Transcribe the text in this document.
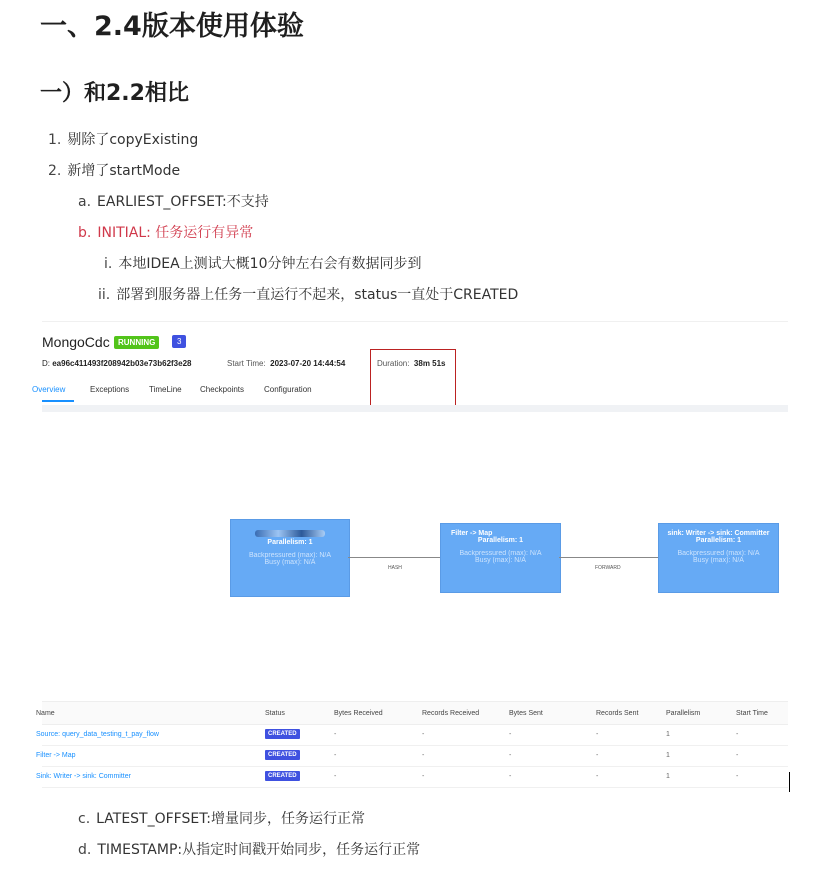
一、2.4版本使用体验
一）和2.2相比
1. 剔除了copyExisting
2. 新增了startMode
a. EARLIEST_OFFSET:不支持
b. INITIAL: 任务运行有异常
i. 本地IDEA上测试大概10分钟左右会有数据同步到
ii. 部署到服务器上任务一直运行不起来，status一直处于CREATED
MongoCdc	RUNNING	3
D: ea96c411493f208942b03e73b62f3e28	Start Time: 2023-07-20 14:44:54	Duration: 38m 51s
Overview	Exceptions TimeLine Checkpoints Configuration
Parallelism: 1
Backpressured (max): N/A
Busy (max): N/A
HASH
Filter -> Map
Parallelism: 1
Backpressured (max): N/A
Busy (max): N/A
FORWARD
sink: Writer -> sink: Committer
Parallelism: 1
Backpressured (max): N/A
Busy (max): N/A
Name	Status	Bytes Received	Records Received	Bytes Sent	Records Sent	Parallelism	Start Time
Source: query_data_testing_t_pay_flow	CREATED	-	-	-	-	1	-
Filter -> Map	CREATED	-	-	-	-	1	-
Sink: Writer -> sink: Committer	CREATED	-	-	-	-	1	-
c. LATEST_OFFSET:增量同步，任务运行正常
d. TIMESTAMP:从指定时间戳开始同步，任务运行正常
